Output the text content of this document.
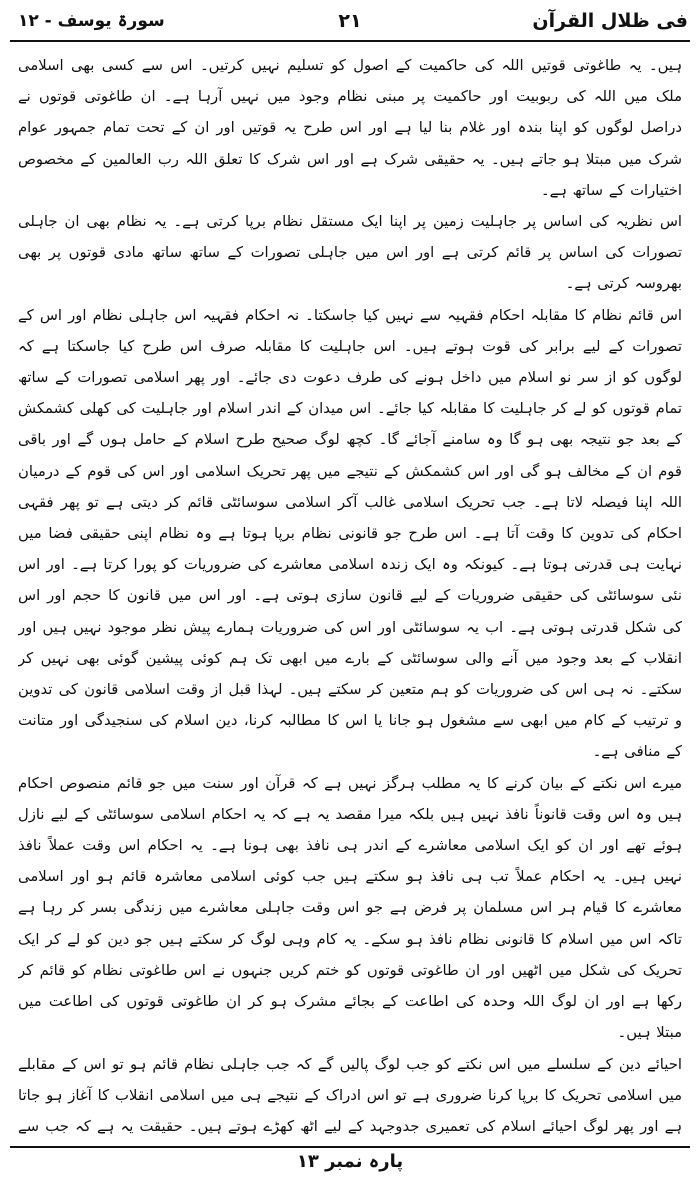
فی ظلال القرآن
۲۱
سورۃ یوسف - ۱۲

ہیں۔ یہ طاغوتی قوتیں اللہ کی حاکمیت کے اصول کو تسلیم نہیں کرتیں۔ اس سے کسی بھی اسلامی ملک میں اللہ کی ربوبیت اور حاکمیت پر مبنی نظام وجود میں نہیں آرہا ہے۔ ان طاغوتی قوتوں نے دراصل لوگوں کو اپنا بندہ اور غلام بنا لیا ہے اور اس طرح یہ قوتیں اور ان کے تحت تمام جمہور عوام شرک میں مبتلا ہو جاتے ہیں۔ یہ حقیقی شرک ہے اور اس شرک کا تعلق اللہ رب العالمین کے مخصوص اختیارات کے ساتھ ہے۔

اس نظریہ کی اساس پر جاہلیت زمین پر اپنا ایک مستقل نظام برپا کرتی ہے۔ یہ نظام بھی ان جاہلی تصورات کی اساس پر قائم کرتی ہے اور اس میں جاہلی تصورات کے ساتھ ساتھ مادی قوتوں پر بھی بھروسہ کرتی ہے۔

اس قائم نظام کا مقابلہ احکام فقہیہ سے نہیں کیا جاسکتا۔ نہ احکام فقہیہ اس جاہلی نظام اور اس کے تصورات کے لیے برابر کی قوت ہوتے ہیں۔ اس جاہلیت کا مقابلہ صرف اس طرح کیا جاسکتا ہے کہ لوگوں کو از سر نو اسلام میں داخل ہونے کی طرف دعوت دی جائے۔ اور پھر اسلامی تصورات کے ساتھ تمام قوتوں کو لے کر جاہلیت کا مقابلہ کیا جائے۔ اس میدان کے اندر اسلام اور جاہلیت کی کھلی کشمکش کے بعد جو نتیجہ بھی ہو گا وہ سامنے آجائے گا۔ کچھ لوگ صحیح طرح اسلام کے حامل ہوں گے اور باقی قوم ان کے مخالف ہو گی اور اس کشمکش کے نتیجے میں پھر تحریک اسلامی اور اس کی قوم کے درمیان اللہ اپنا فیصلہ لاتا ہے۔ جب تحریک اسلامی غالب آکر اسلامی سوسائٹی قائم کر دیتی ہے تو پھر فقہی احکام کی تدوین کا وقت آتا ہے۔ اس طرح جو قانونی نظام برپا ہوتا ہے وہ نظام اپنی حقیقی فضا میں نہایت ہی قدرتی ہوتا ہے۔ کیونکہ وہ ایک زندہ اسلامی معاشرے کی ضروریات کو پورا کرتا ہے۔ اور اس نئی سوسائٹی کی حقیقی ضروریات کے لیے قانون سازی ہوتی ہے۔ اور اس میں قانون کا حجم اور اس کی شکل قدرتی ہوتی ہے۔ اب یہ سوسائٹی اور اس کی ضروریات ہمارے پیش نظر موجود نہیں ہیں اور انقلاب کے بعد وجود میں آنے والی سوسائٹی کے بارے میں ابھی تک ہم کوئی پیشین گوئی بھی نہیں کر سکتے۔ نہ ہی اس کی ضروریات کو ہم متعین کر سکتے ہیں۔ لہذا قبل از وقت اسلامی قانون کی تدوین و ترتیب کے کام میں ابھی سے مشغول ہو جانا یا اس کا مطالبہ کرنا، دین اسلام کی سنجیدگی اور متانت کے منافی ہے۔

میرے اس نکتے کے بیان کرنے کا یہ مطلب ہرگز نہیں ہے کہ قرآن اور سنت میں جو قائم منصوص احکام ہیں وہ اس وقت قانوناً نافذ نہیں ہیں بلکہ میرا مقصد یہ ہے کہ یہ احکام اسلامی سوسائٹی کے لیے نازل ہوئے تھے اور ان کو ایک اسلامی معاشرے کے اندر ہی نافذ بھی ہونا ہے۔ یہ احکام اس وقت عملاً نافذ نہیں ہیں۔ یہ احکام عملاً تب ہی نافذ ہو سکتے ہیں جب کوئی اسلامی معاشرہ قائم ہو اور اسلامی معاشرے کا قیام ہر اس مسلمان پر فرض ہے جو اس وقت جاہلی معاشرے میں زندگی بسر کر رہا ہے تاکہ اس میں اسلام کا قانونی نظام نافذ ہو سکے۔ یہ کام وہی لوگ کر سکتے ہیں جو دین کو لے کر ایک تحریک کی شکل میں اٹھیں اور ان طاغوتی قوتوں کو ختم کریں جنہوں نے اس طاغوتی نظام کو قائم کر رکھا ہے اور ان لوگ اللہ وحدہ کی اطاعت کے بجائے مشرک ہو کر ان طاغوتی قوتوں کی اطاعت میں مبتلا ہیں۔

احیائے دین کے سلسلے میں اس نکتے کو جب لوگ پالیں گے کہ جب جاہلی نظام قائم ہو تو اس کے مقابلے میں اسلامی تحریک کا برپا کرنا ضروری ہے تو اس ادراک کے نتیجے ہی میں اسلامی انقلاب کا آغاز ہو جاتا ہے اور پھر لوگ احیائے اسلام کی تعمیری جدوجہد کے لیے اٹھ کھڑے ہوتے ہیں۔ حقیقت یہ ہے کہ جب سے

پارہ نمبر ۱۳
